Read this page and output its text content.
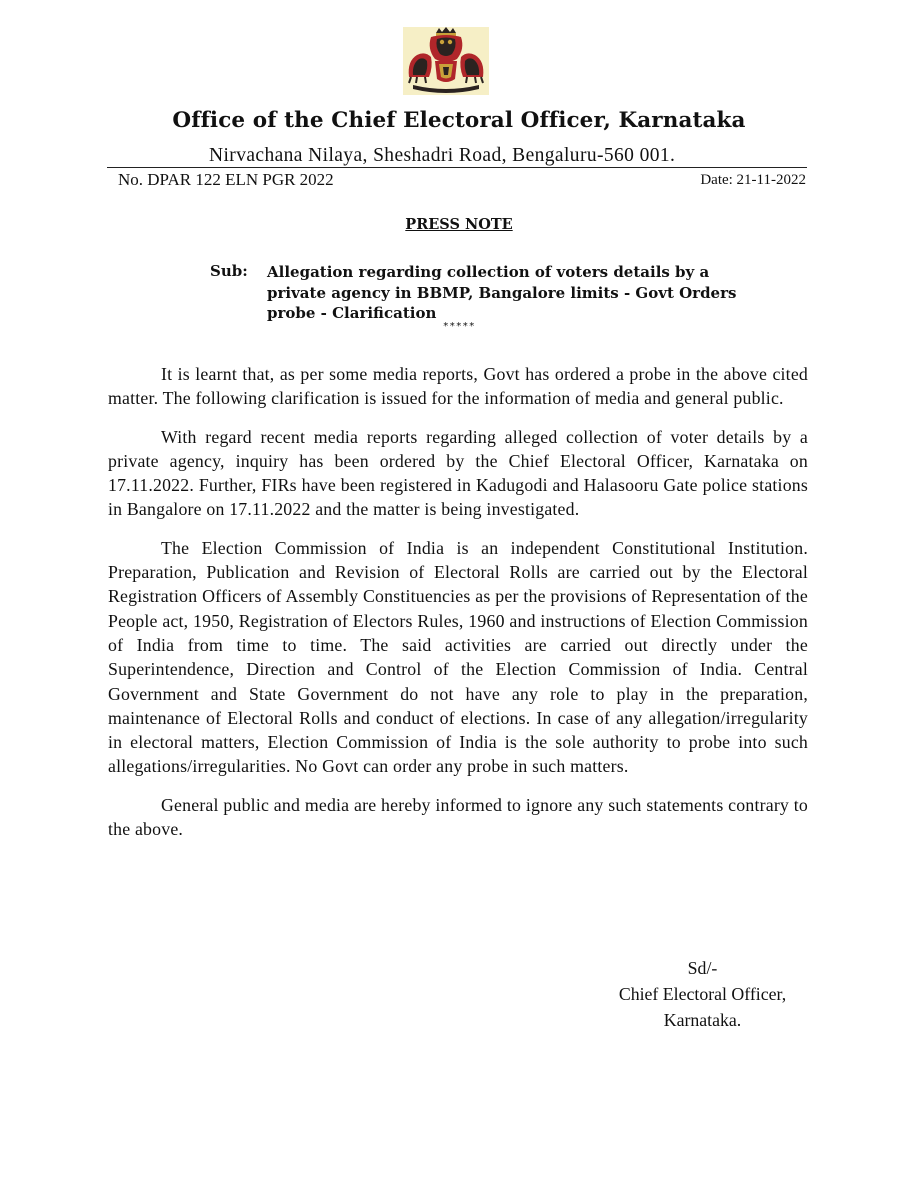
Office of the Chief Electoral Officer, Karnataka
Nirvachana Nilaya, Sheshadri Road, Bengaluru-560 001.
No. DPAR 122 ELN PGR 2022	Date: 21-11-2022
PRESS NOTE
Sub: Allegation regarding collection of voters details by a private agency in BBMP, Bangalore limits - Govt Orders probe - Clarification
*****

It is learnt that, as per some media reports, Govt has ordered a probe in the above cited matter. The following clarification is issued for the information of media and general public.

With regard recent media reports regarding alleged collection of voter details by a private agency, inquiry has been ordered by the Chief Electoral Officer, Karnataka on 17.11.2022. Further, FIRs have been registered in Kadugodi and Halasooru Gate police stations in Bangalore on 17.11.2022 and the matter is being investigated.

The Election Commission of India is an independent Constitutional Institution. Preparation, Publication and Revision of Electoral Rolls are carried out by the Electoral Registration Officers of Assembly Constituencies as per the provisions of Representation of the People act, 1950, Registration of Electors Rules, 1960 and instructions of Election Commission of India from time to time. The said activities are carried out directly under the Superintendence, Direction and Control of the Election Commission of India. Central Government and State Government do not have any role to play in the preparation, maintenance of Electoral Rolls and conduct of elections. In case of any allegation/irregularity in electoral matters, Election Commission of India is the sole authority to probe into such allegations/irregularities. No Govt can order any probe in such matters.

General public and media are hereby informed to ignore any such statements contrary to the above.

Sd/-
Chief Electoral Officer,
Karnataka.
